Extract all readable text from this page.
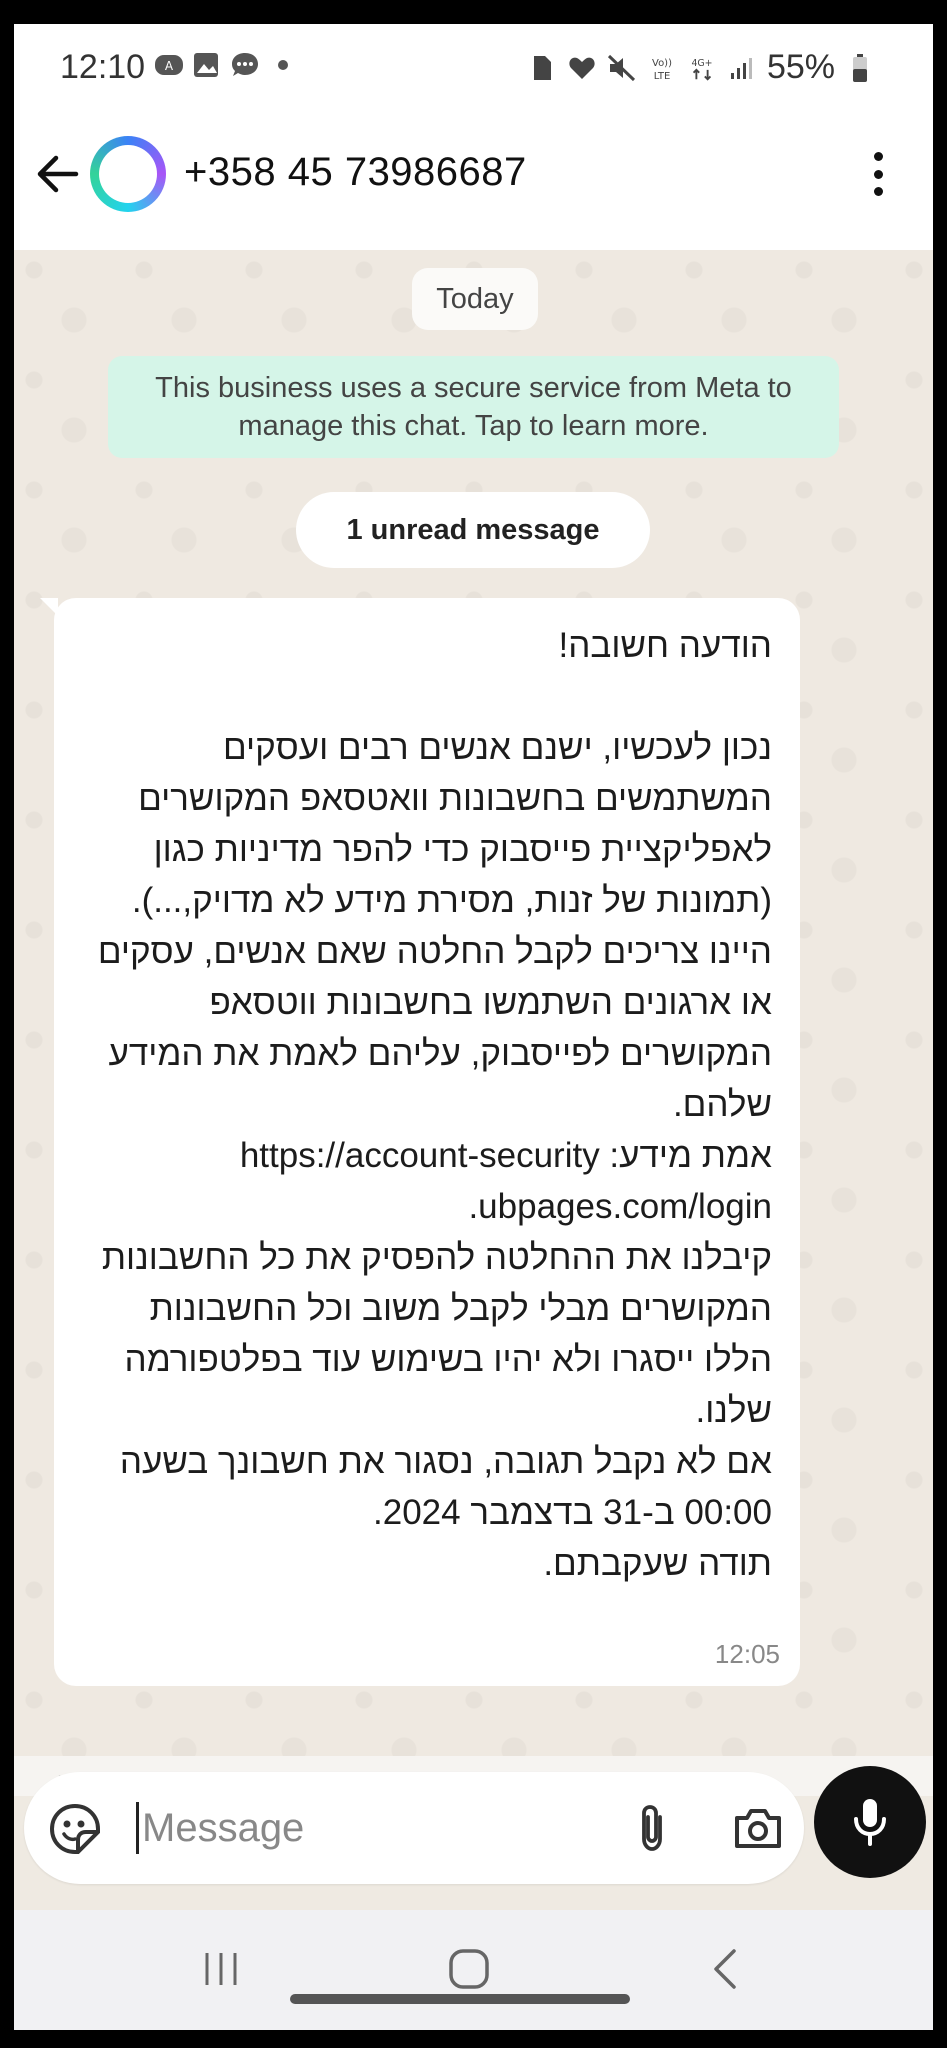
12:10 A	Vo))
LTE
4G+ 55%
+358 45 73986687
Today
This business uses a secure service from Meta to manage this chat. Tap to learn more.
1 unread message
הודעה חשובה!

נכון לעכשיו, ישנם אנשים רבים ועסקים המשתמשים בחשבונות וואטסאפ המקושרים לאפליקציית פייסבוק כדי להפר מדיניות כגון (תמונות של זנות, מסירת מידע לא מדויק,...).
היינו צריכים לקבל החלטה שאם אנשים, עסקים או ארגונים השתמשו בחשבונות ווטסאפ המקושרים לפייסבוק, עליהם לאמת את המידע שלהם.
אמת מידע: https://account-security
.ubpages.com/login
קיבלנו את ההחלטה להפסיק את כל החשבונות המקושרים מבלי לקבל משוב וכל החשבונות הללו ייסגרו ולא יהיו בשימוש עוד בפלטפורמה שלנו.
אם לא נקבל תגובה, נסגור את חשבונך בשעה 00:00 ב-31 בדצמבר 2024.
תודה שעקבתם.
12:05
Message
